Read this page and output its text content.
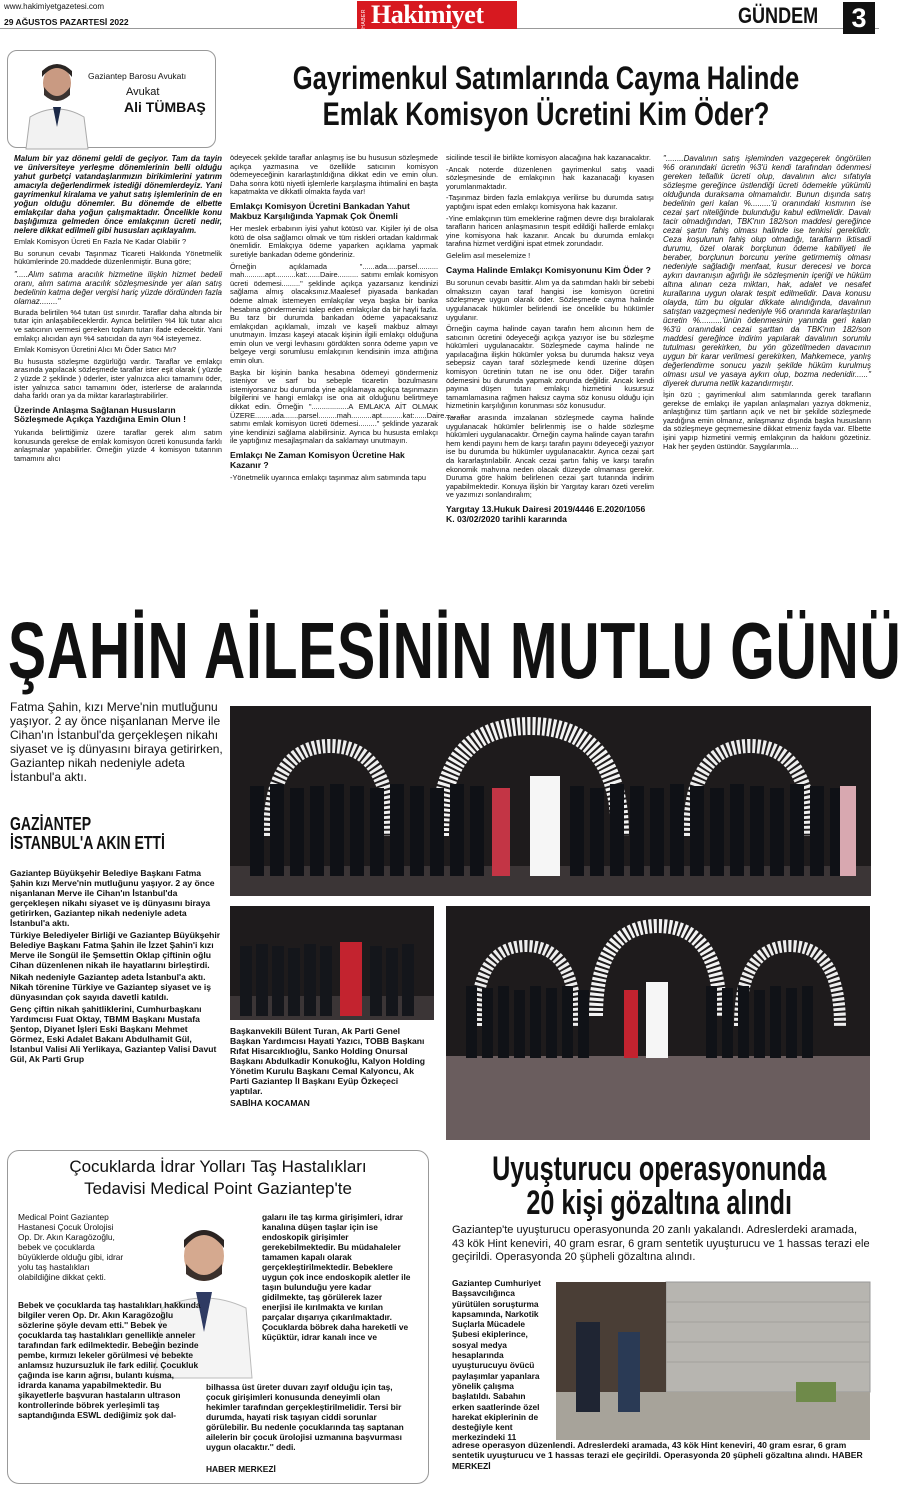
www.hakimiyetgazetesi.com
29 AĞUSTOS PAZARTESİ 2022	HABER Hakimiyet	GÜNDEM	3
Gaziantep Barosu Avukatı
Avukat
Ali TÜMBAŞ
Gayrimenkul Satımlarında Cayma Halinde
Emlak Komisyon Ücretini Kim Öder?

Malum bir yaz dönemi geldi de geçiyor. Tam da tayin ve üniversiteye yerleşme dönemlerinin belli olduğu yahut gurbetçi vatandaşlarımızın birikimlerini yatırım amacıyla değerlendirmek istediği dönemlerdeyiz. Yani gayrimenkul kiralama ve yahut satış işlemlerinin de en yoğun olduğu dönemler. Bu dönemde de elbette emlakçılar daha yoğun çalışmaktadır. Öncelikle konu başlığımıza gelmeden önce emlakçının ücreti nedir, nelere dikkat edilmeli gibi hususları açıklayalım.

Emlak Komisyon Ücreti En Fazla Ne Kadar Olabilir ?

Bu sorunun cevabı Taşınmaz Ticareti Hakkında Yönetmelik hükümlerinde 20.maddede düzenlenmiştir. Buna göre;

".....Alım satıma aracılık hizmetine ilişkin hizmet bedeli oranı, alım satıma aracılık sözleşmesinde yer alan satış bedelinin katma değer vergisi hariç yüzde dördünden fazla olamaz........"

Burada belirtilen %4 tutarı üst sınırdır. Taraflar daha altında bir tutar için anlaşabileceklerdir. Ayrıca belirtilen %4 lük tutar alıcı ve satıcının vermesi gereken toplam tutarı ifade edecektir. Yani emlakçı alıcıdan ayrı %4 satıcıdan da ayrı %4 isteyemez.

Emlak Komisyon Ücretini Alıcı Mı Öder Satıcı Mı?

Bu hususta sözleşme özgürlüğü vardır. Taraflar ve emlakçı arasında yapılacak sözleşmede taraflar ister eşit olarak ( yüzde 2 yüzde 2 şeklinde ) öderler, ister yalnızca alıcı tamamını öder, ister yalnızca satıcı tamamını öder, isterlerse de aralarında daha farklı oran ya da miktar kararlaştırabilirler.

Üzerinde Anlaşma Sağlanan Hususların Sözleşmede Açıkça Yazdığına Emin Olun !

Yukarıda belirttiğimiz üzere taraflar gerek alım satım konusunda gerekse de emlak komisyon ücreti konusunda farklı anlaşmalar yapabilirler. Örneğin yüzde 4 komisyon tutarının tamamını alıcı

ödeyecek şekilde taraflar anlaşmış ise bu hususun sözleşmede açıkça yazmasına ve özellikle satıcının komisyon ödemeyeceğinin kararlaştırıldığına dikkat edin ve emin olun. Daha sonra kötü niyetli işlemlerle karşılaşma ihtimalini en başta kapatmakta ve dikkatli olmakta fayda var!

Emlakçı Komisyon Ücretini Bankadan Yahut Makbuz Karşılığında Yapmak Çok Önemli

Her meslek erbabının iyisi yahut kötüsü var. Kişiler iyi de olsa kötü de olsa sağlamcı olmak ve tüm riskleri ortadan kaldırmak önemlidir. Emlakçıya ödeme yaparken açıklama yapmak suretiyle bankadan ödeme gönderiniz.

Örneğin açıklamada "......ada.....parsel.......... mah..........apt..........kat:......Daire.......... satımı emlak komisyon ücreti ödemesi........." şeklinde açıkça yazarsanız kendinizi sağlama almış olacaksınız.Maalesef piyasada bankadan ödeme almak istemeyen emlakçılar veya başka bir banka hesabına göndermenizi talep eden emlakçılar da bir hayli fazla. Bu tarz bir durumda bankadan ödeme yapacaksanız emlakçıdan açıklamalı, imzalı ve kaşeli makbuz almayı unutmayın. İmzası kaşeyi atacak kişinin ilgili emlakçı olduğuna emin olun ve vergi levhasını gördükten sonra ödeme yapın ve belgeye vergi sorumlusu emlakçının kendisinin imza attığına emin olun.

Başka bir kişinin banka hesabına ödemeyi göndermeniz isteniyor ve sarf bu sebeple ticaretin bozulmasını istemiyorsanız bu durumda yine açıklamaya açıkça taşınmazın bilgilerini ve hangi emlakçı ise ona ait olduğunu belirtmeye dikkat edin. Örneğin "..................A EMLAK'A AİT OLMAK ÜZERE........ada.......parsel.........mah..........apt..........kat:......Daire.......... satımı emlak komisyon ücreti ödemesi........." şeklinde yazarak yine kendinizi sağlama alabilirsiniz. Ayrıca bu hususta emlakçı ile yaptığınız mesajlaşmaları da saklamayı unutmayın.

Emlakçı Ne Zaman Komisyon Ücretine Hak Kazanır ?

-Yönetmelik uyarınca emlakçı taşınmaz alım satımında tapu

sicilinde tescil ile birlikte komisyon alacağına hak kazanacaktır.

-Ancak noterde düzenlenen gayrimenkul satış vaadi sözleşmesinde de emlakçının hak kazanacağı kıyasen yorumlanmaktadır.

-Taşınmaz birden fazla emlakçıya verilirse bu durumda satışı yaptığını ispat eden emlakçı komisyona hak kazanır.

-Yine emlakçının tüm emeklerine rağmen devre dışı bırakılarak tarafların haricen anlaşmasının tespit edildiği hallerde emlakçı yine komisyona hak kazanır. Ancak bu durumda emlakçı tarafına hizmet verdiğini ispat etmek zorundadır.

Gelelim asıl meselemize !

Cayma Halinde Emlakçı Komisyonunu Kim Öder ?

Bu sorunun cevabı basittir. Alım ya da satımdan haklı bir sebebi olmaksızın cayan taraf hangisi ise komisyon ücretini sözleşmeye uygun olarak öder. Sözleşmede cayma halinde uygulanacak hükümler belirlendi ise öncelikle bu hükümler uygulanır.

Örneğin cayma halinde cayan tarafın hem alıcının hem de satıcının ücretini ödeyeceği açıkça yazıyor ise bu sözleşme hükümleri uygulanacaktır. Sözleşmede cayma halinde ne yapılacağına ilişkin hükümler yoksa bu durumda haksız veya sebepsiz cayan taraf sözleşmede kendi üzerine düşen komisyon ücretinin tutarı ne ise onu öder. Diğer tarafın ödemesini bu durumda yapmak zorunda değildir. Ancak kendi payına düşen tutarı emlakçı hizmetini kusursuz tamamlamasına rağmen haksız cayma söz konusu olduğu için hizmetinin karşılığının korunması söz konusudur.

Taraflar arasında imzalanan sözleşmede cayma halinde uygulanacak hükümler belirlenmiş ise o halde sözleşme hükümleri uygulanacaktır. Örneğin cayma halinde cayan tarafın hem kendi payını hem de karşı tarafın payını ödeyeceği yazıyor ise bu durumda bu hükümler uygulanacaktır. Ayrıca cezai şart da kararlaştırılabilir. Ancak cezai şartın fahiş ve karşı tarafın ekonomik mahvına neden olacak düzeyde olmaması gerekir. Duruma göre hakim belirlenen cezai şart tutarında indirim yapabilmektedir. Konuya ilişkin bir Yargıtay kararı özeti verelim ve yazımızı sonlandıralım;

Yargıtay 13.Hukuk Dairesi 2019/4446 E.2020/1056 K. 03/02/2020 tarihli kararında

"........Davalının satış işleminden vazgeçerek öngörülen %6 oranındaki ücretin %3'ü kendi tarafından ödenmesi gereken tellallık ücreti olup, davalının alıcı sıfatıyla sözleşme gereğince üstlendiği ücreti ödemekle yükümlü olduğunda duraksama olmamalıdır. Bunun dışında satış bedelinin geri kalan %.........'ü oranındaki kısmının ise cezai şart niteliğinde bulunduğu kabul edilmelidir. Davalı tacir olmadığından, TBK'nın 182/son maddesi gereğince cezai şartın fahiş olması halinde ise tenkisi gereklidir. Ceza koşulunun fahiş olup olmadığı, tarafların iktisadi durumu, özel olarak borçlunun ödeme kabiliyeti ile beraber, borçlunun borcunu yerine getirmemiş olması nedeniyle sağladığı menfaat, kusur derecesi ve borca aykırı davranışın ağırlığı ile sözleşmenin içeriği ve hüküm altına alınan ceza miktarı, hak, adalet ve nesafet kurallarına uygun olarak tespit edilmelidir. Dava konusu olayda, tüm bu olgular dikkate alındığında, davalının satıştan vazgeçmesi nedeniyle %6 oranında kararlaştırılan ücretin %..........'ünün ödenmesinin yanında geri kalan %3'ü oranındaki cezai şarttan da TBK'nın 182/son maddesi gereğince indirim yapılarak davalının sorumlu tutulması gerekirken, bu yön gözetilmeden davacının uygun bir karar verilmesi gerekirken, Mahkemece, yanlış değerlendirme sonucu yazılı şekilde hüküm kurulmuş olması usul ve yasaya aykırı olup, bozma nedenidir......" diyerek duruma netlik kazandırmıştır.

İşin özü ; gayrimenkul alım satımlarında gerek tarafların gerekse de emlakçı ile yapılan anlaşmaları yazıya dökmeniz, anlaştığınız tüm şartların açık ve net bir şekilde sözleşmede yazdığına emin olmanız, anlaşmanız dışında başka hususların da sözleşmeye geçmemesine dikkat etmeniz fayda var. Elbette işini yapıp hizmetini vermiş emlakçının da hakkını gözetiniz. Hak her şeyden üstündür. Saygılarımla....

ŞAHİN AİLESİNİN MUTLU GÜNÜ
Fatma Şahin, kızı Merve'nin mutluğunu yaşıyor. 2 ay önce nişanlanan Merve ile Cihan'ın İstanbul'da gerçekleşen nikahı siyaset ve iş dünyasını biraya getirirken, Gaziantep nikah nedeniyle adeta İstanbul'a aktı.
GAZİANTEP
İSTANBUL'A AKIN ETTİ

Gaziantep Büyükşehir Belediye Başkanı Fatma Şahin kızı Merve'nin mutluğunu yaşıyor. 2 ay önce nişanlanan Merve ile Cihan'ın İstanbul'da gerçekleşen nikahı siyaset ve iş dünyasını biraya getirirken, Gaziantep nikah nedeniyle adeta İstanbul'a aktı.

Türkiye Belediyeler Birliği ve Gaziantep Büyükşehir Belediye Başkanı Fatma Şahin ile İzzet Şahin'i kızı Merve ile Songül ile Şemsettin Oklap çiftinin oğlu Cihan düzenlenen nikah ile hayatlarını birleştirdi.

Nikah nedeniyle Gaziantep adeta İstanbul'a aktı. Nikah törenine Türkiye ve Gaziantep siyaset ve iş dünyasından çok sayıda davetli katıldı.

Genç çiftin nikah şahitliklerini, Cumhurbaşkanı Yardımcısı Fuat Oktay, TBMM Başkanı Mustafa Şentop, Diyanet İşleri Eski Başkanı Mehmet Görmez, Eski Adalet Bakanı Abdulhamit Gül, İstanbul Valisi Ali Yerlikaya, Gaziantep Valisi Davut Gül, Ak Parti Grup

Başkanvekili Bülent Turan, Ak Parti Genel Başkan Yardımcısı Hayati Yazıcı, TOBB Başkanı Rıfat Hisarcıklıoğlu, Sanko Holding Onursal Başkanı Abdulkadir Konukoğlu, Kalyon Holding Yönetim Kurulu Başkanı Cemal Kalyoncu, Ak Parti Gaziantep İl Başkanı Eyüp Özkeçeci yaptılar.

SABİHA KOCAMAN

Çocuklarda İdrar Yolları Taş Hastalıkları
Tedavisi Medical Point Gaziantep'te
Medical Point Gaziantep Hastanesi Çocuk Ürolojisi Op. Dr. Akın Karagözoğlu, bebek ve çocuklarda büyüklerde olduğu gibi, idrar yolu taş hastalıkları olabildiğine dikkat çekti.
Bebek ve çocuklarda taş hastalıkları hakkında bilgiler veren Op. Dr. Akın Karagözoğlu sözlerine şöyle devam etti.'' Bebek ve çocuklarda taş hastalıkları genellikle anneler tarafından fark edilmektedir. Bebeğin bezinde pembe, kırmızı lekeler görülmesi ve bebekte anlamsız huzursuzluk ile fark edilir. Çocukluk çağında ise karın ağrısı, bulantı kusma, idrarda kanama yapabilmektedir. Bu şikayetlerle başvuran hastaların ultrason kontrollerinde böbrek yerleşimli taş saptandığında ESWL dediğimiz şok dal-
galarıı ile taş kırma girişimleri, idrar kanalına düşen taşlar için ise endoskopik girişimler gerekebilmektedir. Bu müdahaleler tamamen kapalı olarak gerçekleştirilmektedir. Bebeklere uygun çok ince endoskopik aletler ile taşın bulunduğu yere kadar gidilmekte, taş görülerek lazer enerjisi ile kırılmakta ve kırılan parçalar dışarıya çıkarılmaktadır. Çocuklarda böbrek daha hareketli ve küçüktür, idrar kanalı ince ve
bilhassa üst üreter duvarı zayıf olduğu için taş, çocuk girişimleri konusunda deneyimli olan hekimler tarafından gerçekleştirilmelidir. Tersi bir durumda, hayati risk taşıyan ciddi sorunlar görülebilir. Bu nedenle çocuklarında taş saptanan ailelerin bir çocuk ürolojisi uzmanına başvurması uygun olacaktır.'' dedi.
HABER MERKEZİ
Uyuşturucu operasyonunda
20 kişi gözaltına alındı
Gaziantep'te uyuşturucu operasyonunda 20 zanlı yakalandı. Adreslerdeki aramada, 43 kök Hint keneviri, 40 gram esrar, 6 gram sentetik uyuşturucu ve 1 hassas terazi ele geçirildi. Operasyonda 20 şüpheli gözaltına alındı.
Gaziantep Cumhuriyet Başsavcılığınca yürütülen soruşturma kapsamında, Narkotik Suçlarla Mücadele Şubesi ekiplerince, sosyal medya hesaplarında uyuşturucuyu övücü paylaşımlar yapanlara yönelik çalışma başlatıldı. Sabahın erken saatlerinde özel harekat ekiplerinin de desteğiyle kent merkezindeki 11
adrese operasyon düzenlendi. Adreslerdeki aramada, 43 kök Hint keneviri, 40 gram esrar, 6 gram sentetik uyuşturucu ve 1 hassas terazi ele geçirildi. Operasyonda 20 şüpheli gözaltına alındı. HABER MERKEZİ
